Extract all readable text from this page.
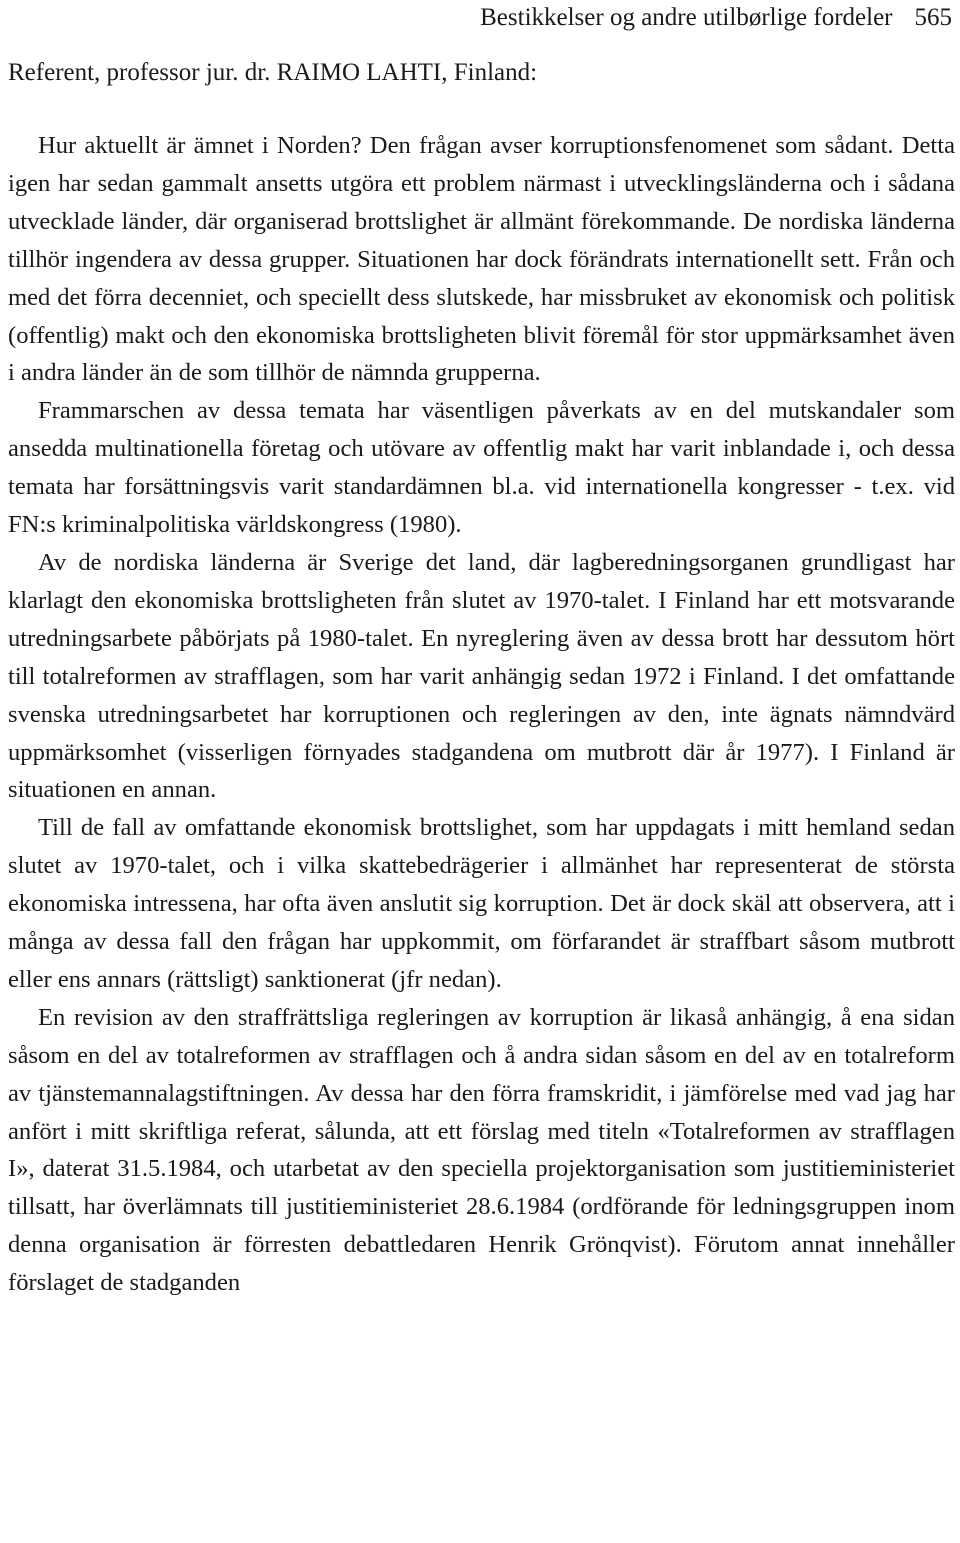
Bestikkelser og andre utilbørlige fordeler 565
Referent, professor jur. dr. RAIMO LAHTI, Finland:

Hur aktuellt är ämnet i Norden? Den frågan avser korruptionsfenomenet som sådant. Detta igen har sedan gammalt ansetts utgöra ett problem närmast i utvecklingsländerna och i sådana utvecklade länder, där organiserad brottslighet är allmänt förekommande. De nordiska länderna tillhör ingendera av dessa grupper. Situationen har dock förändrats internationellt sett. Från och med det förra decenniet, och speciellt dess slutskede, har missbruket av ekonomisk och politisk (offentlig) makt och den ekonomiska brottsligheten blivit föremål för stor uppmärksamhet även i andra länder än de som tillhör de nämnda grupperna.

Frammarschen av dessa temata har väsentligen påverkats av en del mutskandaler som ansedda multinationella företag och utövare av offentlig makt har varit inblandade i, och dessa temata har forsättningsvis varit standardämnen bl.a. vid internationella kongresser - t.ex. vid FN:s kriminalpolitiska världskongress (1980).

Av de nordiska länderna är Sverige det land, där lagberedningsorganen grundligast har klarlagt den ekonomiska brottsligheten från slutet av 1970-talet. I Finland har ett motsvarande utredningsarbete påbörjats på 1980-talet. En nyreglering även av dessa brott har dessutom hört till totalreformen av strafflagen, som har varit anhängig sedan 1972 i Finland. I det omfattande svenska utredningsarbetet har korruptionen och regleringen av den, inte ägnats nämndvärd uppmärksomhet (visserligen förnyades stadgandena om mutbrott där år 1977). I Finland är situationen en annan.

Till de fall av omfattande ekonomisk brottslighet, som har uppdagats i mitt hemland sedan slutet av 1970-talet, och i vilka skattebedrägerier i allmänhet har representerat de största ekonomiska intressena, har ofta även anslutit sig korruption. Det är dock skäl att observera, att i många av dessa fall den frågan har uppkommit, om förfarandet är straffbart såsom mutbrott eller ens annars (rättsligt) sanktionerat (jfr nedan).

En revision av den straffrättsliga regleringen av korruption är likaså anhängig, å ena sidan såsom en del av totalreformen av strafflagen och å andra sidan såsom en del av en totalreform av tjänstemannalagstiftningen. Av dessa har den förra framskridit, i jämförelse med vad jag har anfört i mitt skriftliga referat, sålunda, att ett förslag med titeln «Totalreformen av strafflagen I», daterat 31.5.1984, och utarbetat av den speciella projektorganisation som justitieministeriet tillsatt, har överlämnats till justitieministeriet 28.6.1984 (ordförande för ledningsgruppen inom denna organisation är förresten debattledaren Henrik Grönqvist). Förutom annat innehåller förslaget de stadganden
